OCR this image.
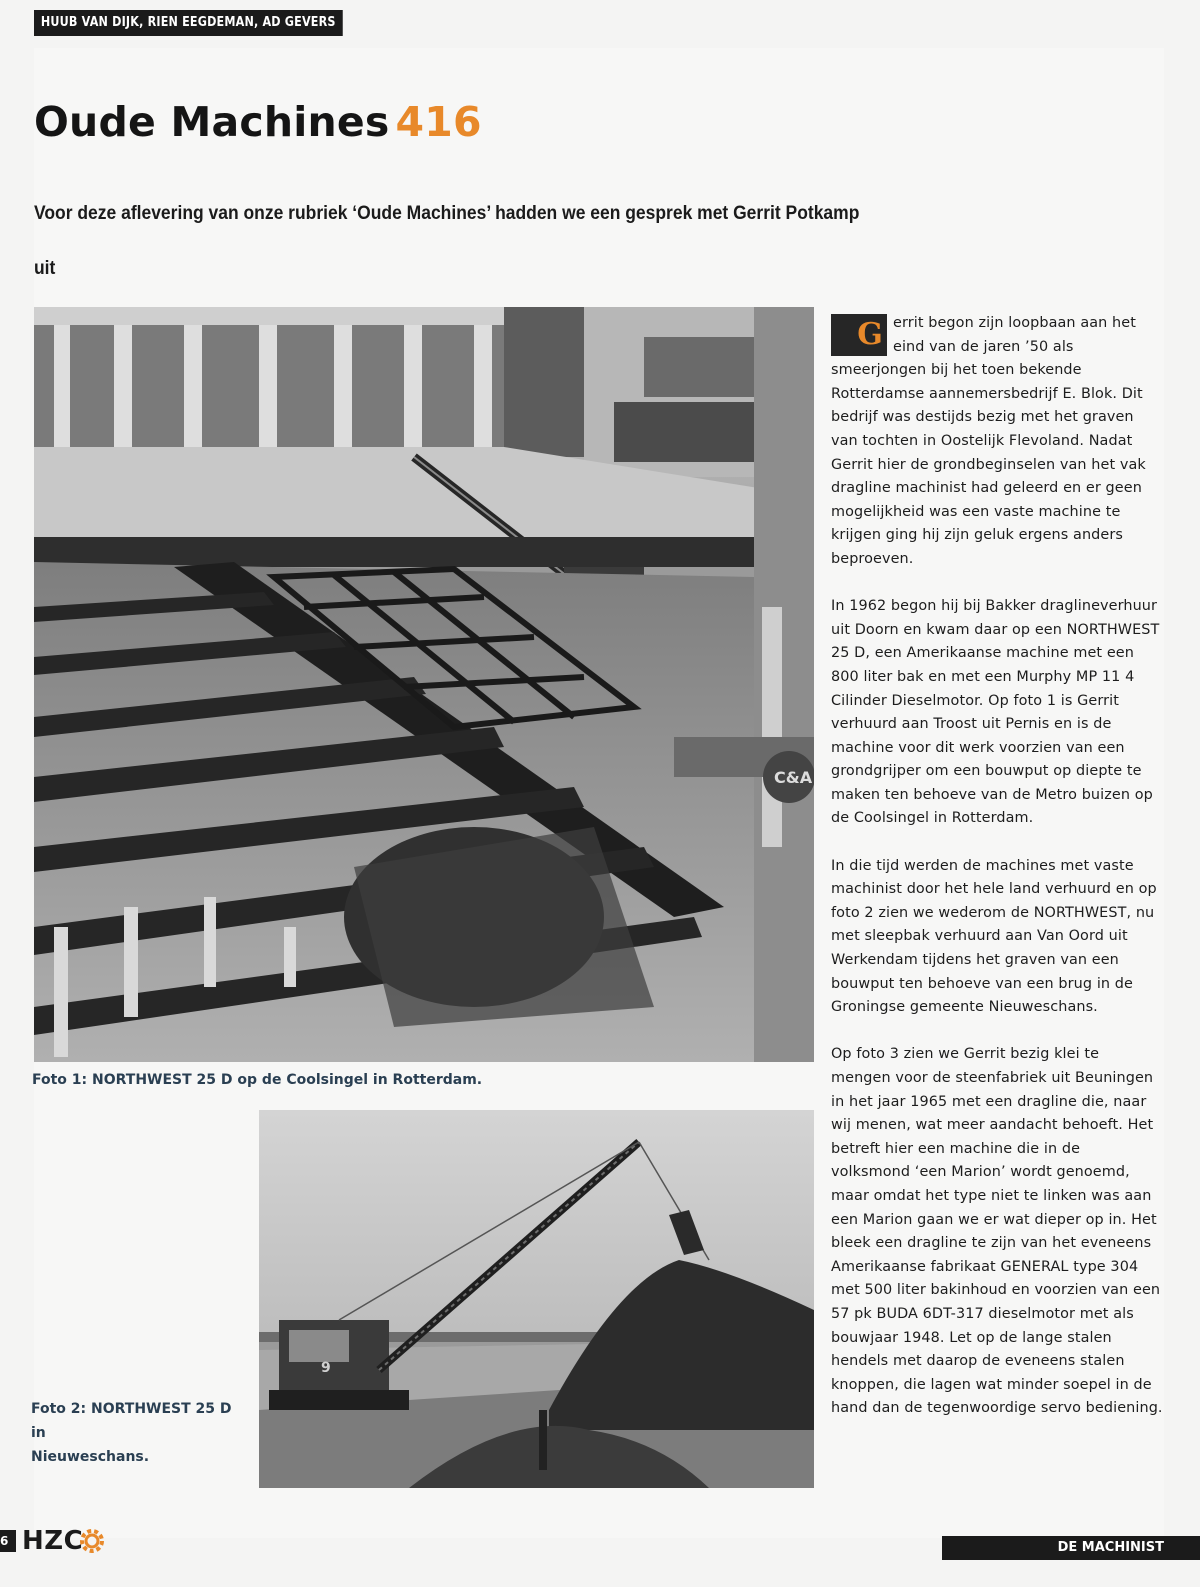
HUUB VAN DIJK, RIEN EEGDEMAN, AD GEVERS
Oude Machines 416

Voor deze aflevering van onze rubriek ‘Oude Machines’ hadden we een gesprek met Gerrit Potkamp uit

C&A

Foto 1: NORTHWEST 25 D op de Coolsingel in Rotterdam.

9

Foto 2: NORTHWEST 25 D in
Nieuweschans.

G errit begon zijn loopbaan aan het eind van de jaren ’50 als smeerjongen bij het toen bekende Rotterdamse aannemersbedrijf E. Blok. Dit bedrijf was destijds bezig met het graven van tochten in Oostelijk Flevoland. Nadat Gerrit hier de grondbeginselen van het vak dragline machinist had geleerd en er geen mogelijkheid was een vaste machine te krijgen ging hij zijn geluk ergens anders beproeven.

In 1962 begon hij bij Bakker draglineverhuur uit Doorn en kwam daar op een NORTHWEST 25 D, een Amerikaanse machine met een 800 liter bak en met een Murphy MP 11 4 Cilinder Dieselmotor. Op foto 1 is Gerrit verhuurd aan Troost uit Pernis en is de machine voor dit werk voorzien van een grondgrijper om een bouwput op diepte te maken ten behoeve van de Metro buizen op de Coolsingel in Rotterdam.

In die tijd werden de machines met vaste machinist door het hele land verhuurd en op foto 2 zien we wederom de NORTHWEST, nu met sleepbak verhuurd aan Van Oord uit Werkendam tijdens het graven van een bouwput ten behoeve van een brug in de Groningse gemeente Nieuweschans.

Op foto 3 zien we Gerrit bezig klei te mengen voor de steenfabriek uit Beuningen in het jaar 1965 met een dragline die, naar wij menen, wat meer aandacht behoeft. Het betreft hier een machine die in de volksmond ‘een Marion’ wordt genoemd, maar omdat het type niet te linken was aan een Marion gaan we er wat dieper op in. Het bleek een dragline te zijn van het eveneens Amerikaanse fabrikaat GENERAL type 304 met 500 liter bakinhoud en voorzien van een 57 pk BUDA 6DT-317 dieselmotor met als bouwjaar 1948. Let op de lange stalen hendels met daarop de eveneens stalen knoppen, die lagen wat minder soepel in de hand dan de tegenwoordige servo bediening.

6 HZC	DE MACHINIST
